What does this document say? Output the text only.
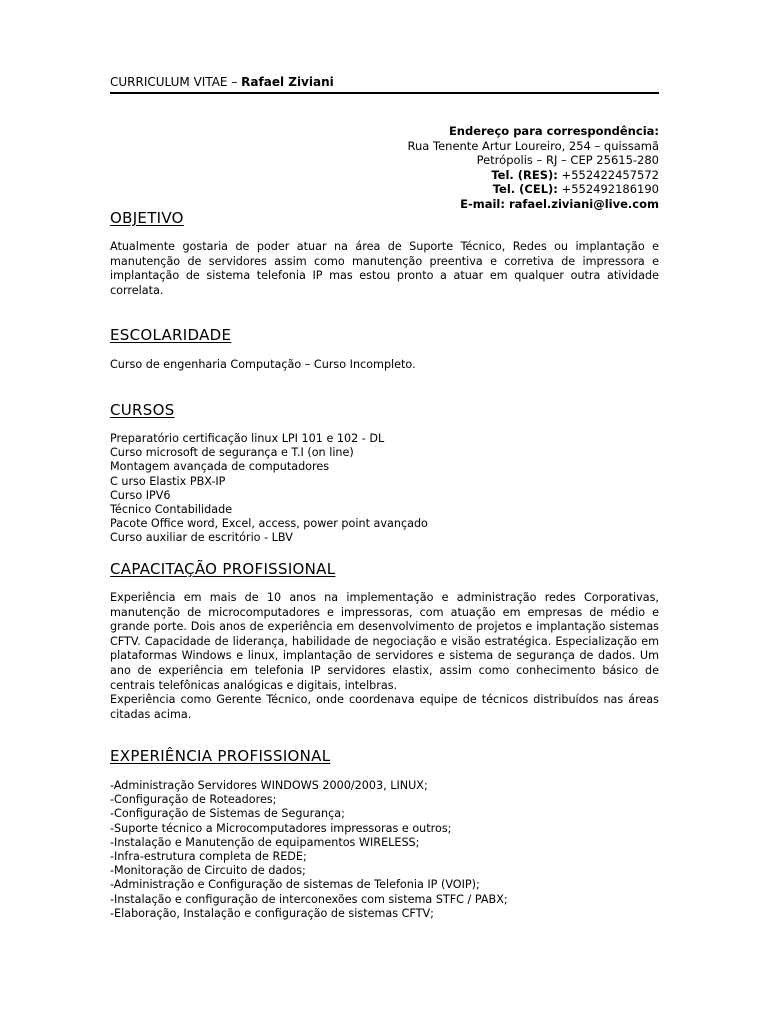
CURRICULUM VITAE – Rafael Ziviani
Endereço para correspondência:
Rua Tenente Artur Loureiro, 254 – quissamã
Petrópolis – RJ – CEP 25615-280
Tel. (RES): +552422457572
Tel. (CEL): +552492186190
E-mail: rafael.ziviani@live.com
OBJETIVO
Atualmente gostaria de poder atuar na área de Suporte Técnico, Redes ou implantação e manutenção de servidores assim como manutenção preentiva e corretiva de impressora e implantação de sistema telefonia IP mas estou pronto a atuar em qualquer outra atividade correlata.
ESCOLARIDADE
Curso de engenharia Computação – Curso Incompleto.
CURSOS
Preparatório certificação linux LPI 101 e 102 - DL
Curso microsoft de segurança e T.I (on line)
Montagem avançada de computadores
C urso Elastix PBX-IP
Curso IPV6
Técnico Contabilidade
Pacote Office word, Excel, access, power point avançado
Curso auxiliar de escritório - LBV
CAPACITAÇÃO PROFISSIONAL
Experiência em mais de 10 anos na implementação e administração redes Corporativas, manutenção de microcomputadores e impressoras, com atuação em empresas de médio e grande porte. Dois anos de experiência em desenvolvimento de projetos e implantação sistemas CFTV. Capacidade de liderança, habilidade de negociação e visão estratégica. Especialização em plataformas Windows e linux, implantação de servidores e sistema de segurança de dados. Um ano de experiência em telefonia IP servidores elastix, assim como conhecimento básico de centrais telefônicas analógicas e digitais, intelbras.
Experiência como Gerente Técnico, onde coordenava equipe de técnicos distribuídos nas áreas citadas acima.
EXPERIÊNCIA PROFISSIONAL
-Administração Servidores WINDOWS 2000/2003, LINUX;
-Configuração de Roteadores;
-Configuração de Sistemas de Segurança;
-Suporte técnico a Microcomputadores impressoras e outros;
-Instalação e Manutenção de equipamentos WIRELESS;
-Infra-estrutura completa de REDE;
-Monitoração de Circuito de dados;
-Administração e Configuração de sistemas de Telefonia IP (VOIP);
-Instalação e configuração de interconexões com sistema STFC / PABX;
-Elaboração, Instalação e configuração de sistemas CFTV;
